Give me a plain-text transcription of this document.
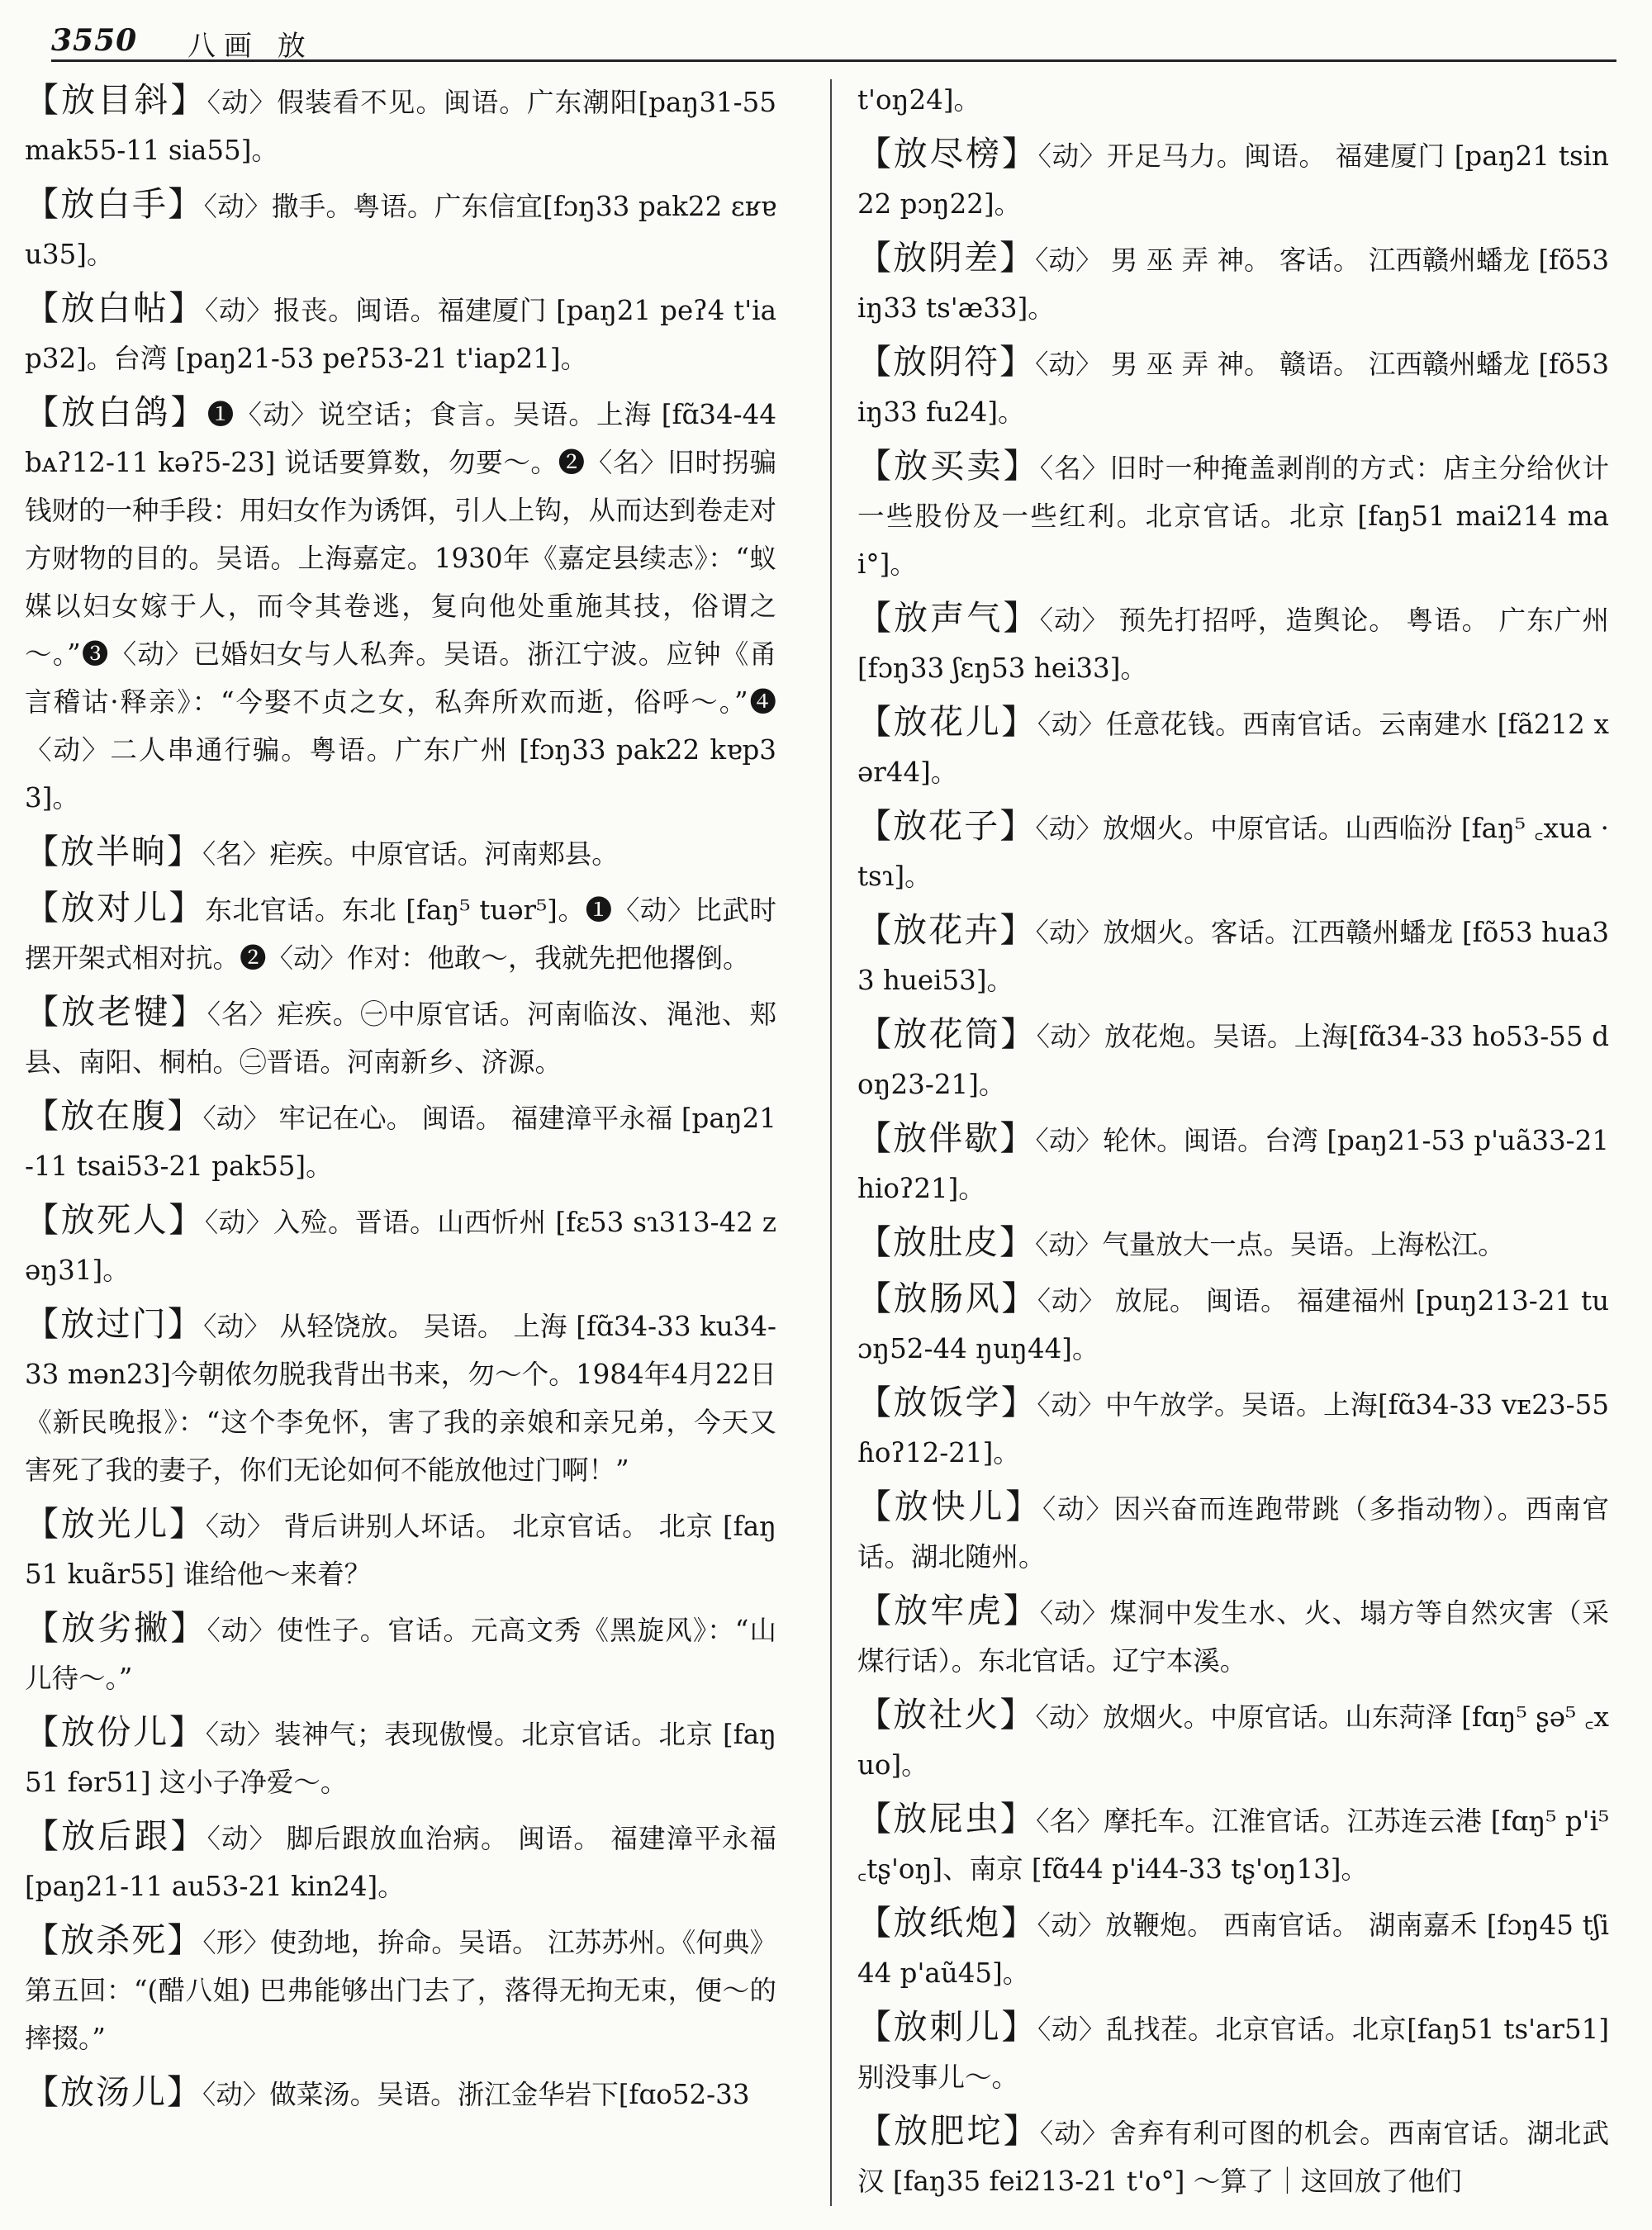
3550 八画 放

【放目斜】〈动〉假装看不见。闽语。广东潮阳[paŋ31-55 mak55-11 sia55]。

【放白手】〈动〉撒手。粤语。广东信宜[fɔŋ33 pak22 ɛʁɐu35]。

【放白帖】〈动〉报丧。闽语。福建厦门 [paŋ21 peʔ4 t'iap32]。台湾 [paŋ21-53 peʔ53-21 t'iap21]。

【放白鸽】❶〈动〉说空话；食言。吴语。上海 [fɑ̃34-44 bᴀʔ12-11 kəʔ5-23] 说话要算数，勿要～。❷〈名〉旧时拐骗钱财的一种手段：用妇女作为诱饵，引人上钩，从而达到卷走对方财物的目的。吴语。上海嘉定。1930年《嘉定县续志》：“蚁媒以妇女嫁于人，而令其卷逃，复向他处重施其技，俗谓之～。”❸〈动〉已婚妇女与人私奔。吴语。浙江宁波。应钟《甬言稽诂·释亲》：“今娶不贞之女，私奔所欢而逝，俗呼～。”❹〈动〉二人串通行骗。粤语。广东广州 [fɔŋ33 pak22 kɐp33]。

【放半晌】〈名〉疟疾。中原官话。河南郏县。

【放对儿】东北官话。东北 [faŋ⁵ tuər⁵]。❶〈动〉比武时摆开架式相对抗。❷〈动〉作对：他敢～，我就先把他撂倒。

【放老犍】〈名〉疟疾。㊀中原官话。河南临汝、渑池、郏县、南阳、桐柏。㊁晋语。河南新乡、济源。

【放在腹】〈动〉 牢记在心。 闽语。 福建漳平永福 [paŋ21-11 tsai53-21 pak55]。

【放死人】〈动〉入殓。晋语。山西忻州 [fɛ53 sɿ313-42 zəŋ31]。

【放过门】〈动〉 从轻饶放。 吴语。 上海 [fɑ̃34-33 ku34-33 mən23]今朝侬勿脱我背出书来，勿～个。1984年4月22日《新民晚报》：“这个李免怀，害了我的亲娘和亲兄弟，今天又害死了我的妻子，你们无论如何不能放他过门啊！”

【放光儿】〈动〉 背后讲别人坏话。 北京官话。 北京 [faŋ51 kuãr55] 谁给他～来着？

【放劣撇】〈动〉使性子。官话。元高文秀《黑旋风》：“山儿待～。”

【放份儿】〈动〉装神气；表现傲慢。北京官话。北京 [faŋ51 fər51] 这小子净爱～。

【放后跟】〈动〉 脚后跟放血治病。 闽语。 福建漳平永福 [paŋ21-11 au53-21 kin24]。

【放杀死】〈形〉使劲地，拚命。吴语。 江苏苏州。《何典》第五回：“(醋八姐) 巴弗能够出门去了，落得无拘无束，便～的摔掇。”

【放汤儿】〈动〉做菜汤。吴语。浙江金华岩下[fɑo52-33

t'oŋ24]。

【放尽榜】〈动〉开足马力。闽语。 福建厦门 [paŋ21 tsin22 pɔŋ22]。

【放阴差】〈动〉 男 巫 弄 神。 客话。 江西赣州蟠龙 [fõ53 iŋ33 ts'æ33]。

【放阴符】〈动〉 男 巫 弄 神。 赣语。 江西赣州蟠龙 [fõ53 iŋ33 fu24]。

【放买卖】〈名〉旧时一种掩盖剥削的方式：店主分给伙计一些股份及一些红利。北京官话。北京 [faŋ51 mai214 mai°]。

【放声气】〈动〉 预先打招呼，造舆论。 粤语。 广东广州 [fɔŋ33 ʃɛŋ53 hei33]。

【放花儿】〈动〉任意花钱。西南官话。云南建水 [fã212 xər44]。

【放花子】〈动〉放烟火。中原官话。山西临汾 [faŋ⁵ ꜀xua ·tsɿ]。

【放花卉】〈动〉放烟火。客话。江西赣州蟠龙 [fõ53 hua33 huei53]。

【放花筒】〈动〉放花炮。吴语。上海[fɑ̃34-33 ho53-55 doŋ23-21]。

【放伴歇】〈动〉轮休。闽语。台湾 [paŋ21-53 p'uã33-21 hioʔ21]。

【放肚皮】〈动〉气量放大一点。吴语。上海松江。

【放肠风】〈动〉 放屁。 闽语。 福建福州 [puŋ213-21 tuɔŋ52-44 ŋuŋ44]。

【放饭学】〈动〉中午放学。吴语。上海[fɑ̃34-33 vᴇ23-55 ɦoʔ12-21]。

【放快儿】〈动〉因兴奋而连跑带跳（多指动物）。西南官话。湖北随州。

【放牢虎】〈动〉煤洞中发生水、火、塌方等自然灾害（采煤行话）。东北官话。辽宁本溪。

【放社火】〈动〉放烟火。中原官话。山东菏泽 [fɑŋ⁵ ʂə⁵ ꜀xuo]。

【放屁虫】〈名〉摩托车。江淮官话。江苏连云港 [fɑŋ⁵ p'i⁵ ꜀tʂ'oŋ]、南京 [fɑ̃44 p'i44-33 tʂ'oŋ13]。

【放纸炮】〈动〉放鞭炮。 西南官话。 湖南嘉禾 [fɔŋ45 tʃi44 p'aũ45]。

【放刺儿】〈动〉乱找茬。北京官话。北京[faŋ51 ts'ar51] 别没事儿～。

【放肥坨】〈动〉舍弃有利可图的机会。西南官话。湖北武汉 [faŋ35 fei213-21 t'o°] ～算了｜这回放了他们
